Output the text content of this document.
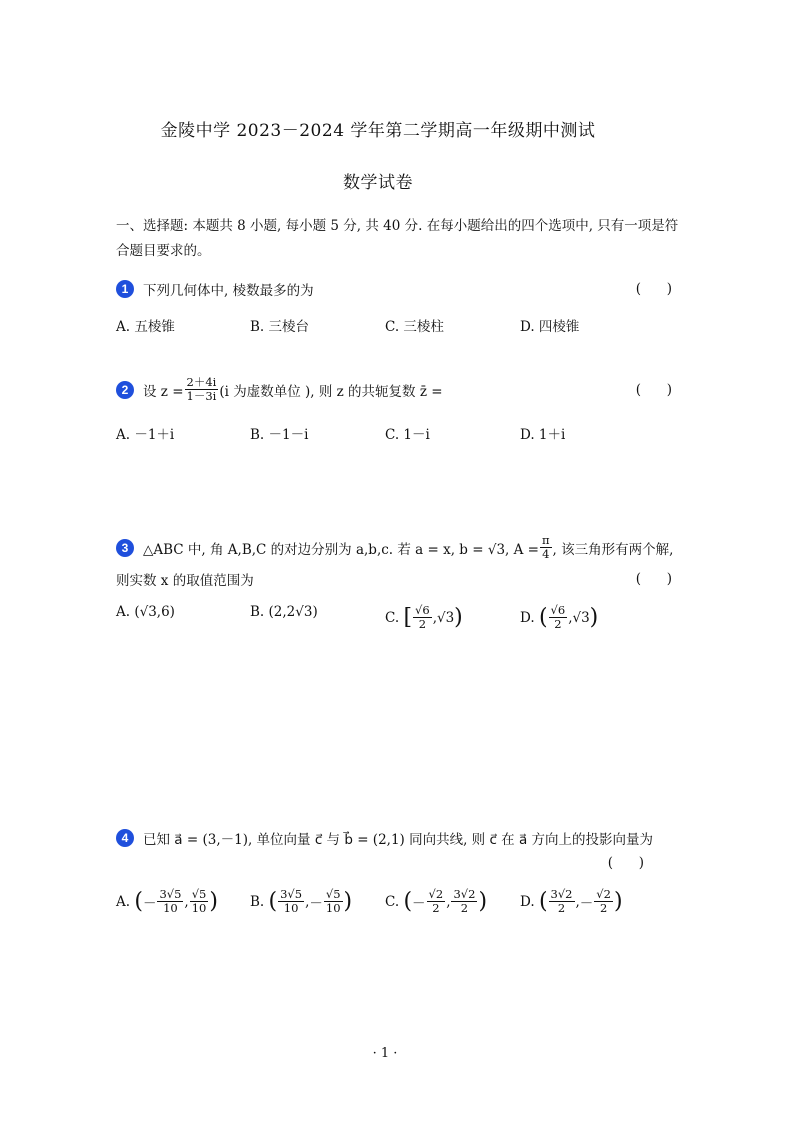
金陵中学 2023－2024 学年第二学期高一年级期中测试
数学试卷
一、选择题: 本题共 8 小题, 每小题 5 分, 共 40 分. 在每小题给出的四个选项中, 只有一项是符合题目要求的。
1	下列几何体中, 棱数最多的为	(      )
A. 五棱锥	B. 三棱台	C. 三棱柱	D. 四棱锥
2	设 $z = \frac{2+4i}{1-3i} (i$ 为虚数单位 ), 则 z 的共轭复数 z̄ =	(      )
A. －1＋i	B. －1－i	C. 1－i	D. 1＋i
3	△ABC 中, 角 A,B,C 的对边分别为 a,b,c. 若 a = x, b = √3, $A = \frac{\pi}{4}$ , 该三角形有两个解,
则实数 x 的取值范围为	(      )
A.
(√3,6)	B.
(2,2√3)	C.
[ $\frac{√6}{2} ,√3$ )	D.
( $\frac{√6}{2} ,√3$ )
4	已知 a⃗ = (3,－1), 单位向量 c⃗ 与 b⃗ = (2,1) 同向共线, 则 c⃗ 在 a⃗ 方向上的投影向量为
(      )
A.
( － $\frac{3√5}{10}$ , $\frac{√5}{10}$ ) B.
( $\frac{3√5}{10}$ , － $\frac{√5}{10}$ ) C.
( － $\frac{√2}{2}$ , $\frac{3√2}{2}$ ) D.
( $\frac{3√2}{2}$ , － $\frac{√2}{2}$ )
· 1 ·
